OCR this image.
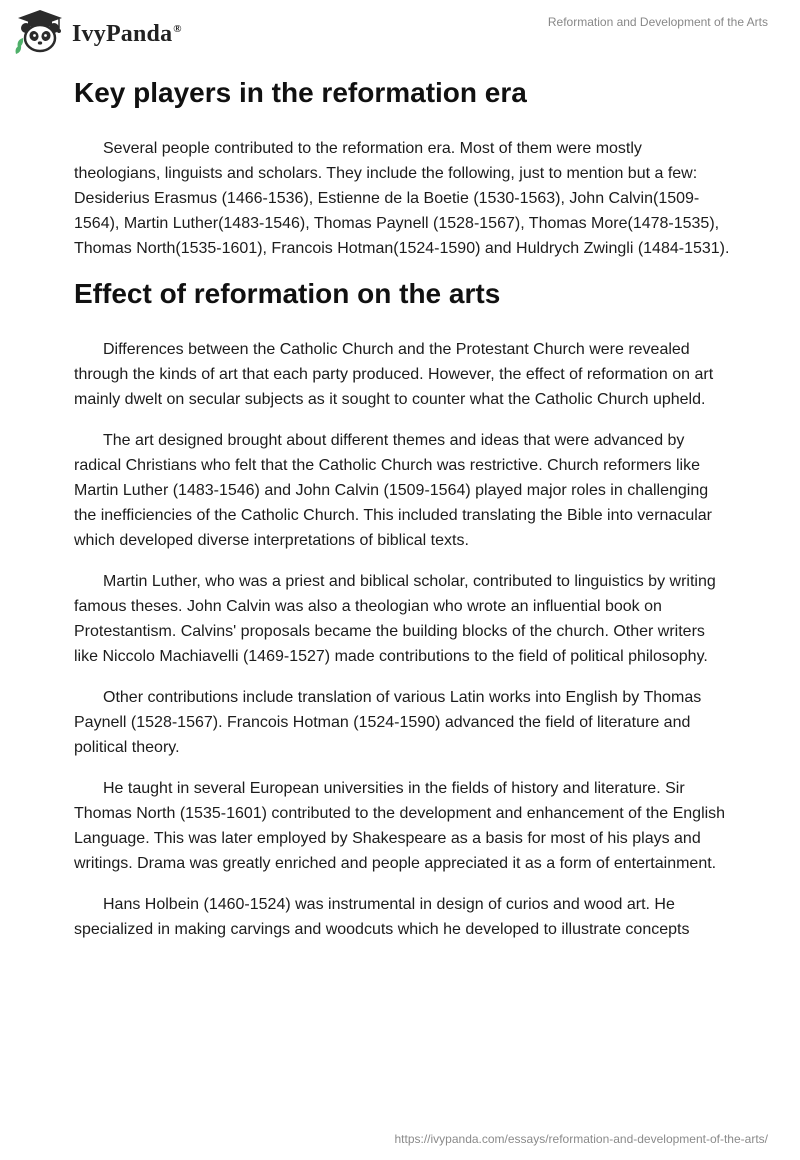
IvyPanda®	Reformation and Development of the Arts
Key players in the reformation era

Several people contributed to the reformation era. Most of them were mostly theologians, linguists and scholars. They include the following, just to mention but a few: Desiderius Erasmus (1466-1536), Estienne de la Boetie (1530-1563), John Calvin(1509-1564), Martin Luther(1483-1546), Thomas Paynell (1528-1567), Thomas More(1478-1535), Thomas North(1535-1601), Francois Hotman(1524-1590) and Huldrych Zwingli (1484-1531).

Effect of reformation on the arts

Differences between the Catholic Church and the Protestant Church were revealed through the kinds of art that each party produced. However, the effect of reformation on art mainly dwelt on secular subjects as it sought to counter what the Catholic Church upheld.

The art designed brought about different themes and ideas that were advanced by radical Christians who felt that the Catholic Church was restrictive. Church reformers like Martin Luther (1483-1546) and John Calvin (1509-1564) played major roles in challenging the inefficiencies of the Catholic Church. This included translating the Bible into vernacular which developed diverse interpretations of biblical texts.

Martin Luther, who was a priest and biblical scholar, contributed to linguistics by writing famous theses. John Calvin was also a theologian who wrote an influential book on Protestantism. Calvins' proposals became the building blocks of the church. Other writers like Niccolo Machiavelli (1469-1527) made contributions to the field of political philosophy.

Other contributions include translation of various Latin works into English by Thomas Paynell (1528-1567). Francois Hotman (1524-1590) advanced the field of literature and political theory.

He taught in several European universities in the fields of history and literature. Sir Thomas North (1535-1601) contributed to the development and enhancement of the English Language. This was later employed by Shakespeare as a basis for most of his plays and writings. Drama was greatly enriched and people appreciated it as a form of entertainment.

Hans Holbein (1460-1524) was instrumental in design of curios and wood art. He specialized in making carvings and woodcuts which he developed to illustrate concepts

https://ivypanda.com/essays/reformation-and-development-of-the-arts/
